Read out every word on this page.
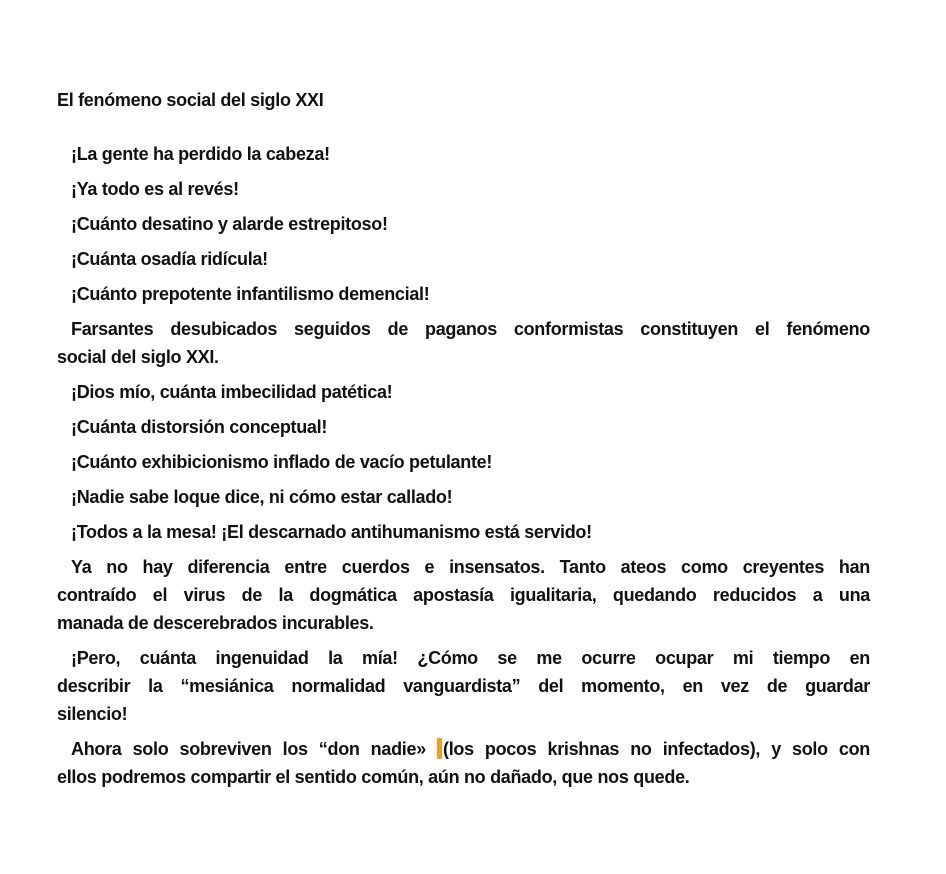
El fenómeno social del siglo XXI
¡La gente ha perdido la cabeza!
¡Ya todo es al revés!
¡Cuánto desatino y alarde estrepitoso!
¡Cuánta osadía ridícula!
¡Cuánto prepotente infantilismo demencial!
Farsantes desubicados seguidos de paganos conformistas constituyen el fenómeno
social del siglo XXI.
¡Dios mío, cuánta imbecilidad patética!
¡Cuánta distorsión conceptual!
¡Cuánto exhibicionismo inflado de vacío petulante!
¡Nadie sabe loque dice, ni cómo estar callado!
¡Todos a la mesa! ¡El descarnado antihumanismo está servido!
Ya no hay diferencia entre cuerdos e insensatos. Tanto ateos como creyentes han
contraído el virus de la dogmática apostasía igualitaria, quedando reducidos a una
manada de descerebrados incurables.
¡Pero, cuánta ingenuidad la mía! ¿Cómo se me ocurre ocupar mi tiempo en
describir la “mesiánica normalidad vanguardista” del momento, en vez de guardar
silencio!
Ahora solo sobreviven los “don nadie» (los pocos krishnas no infectados), y solo con
ellos podremos compartir el sentido común, aún no dañado, que nos quede.
